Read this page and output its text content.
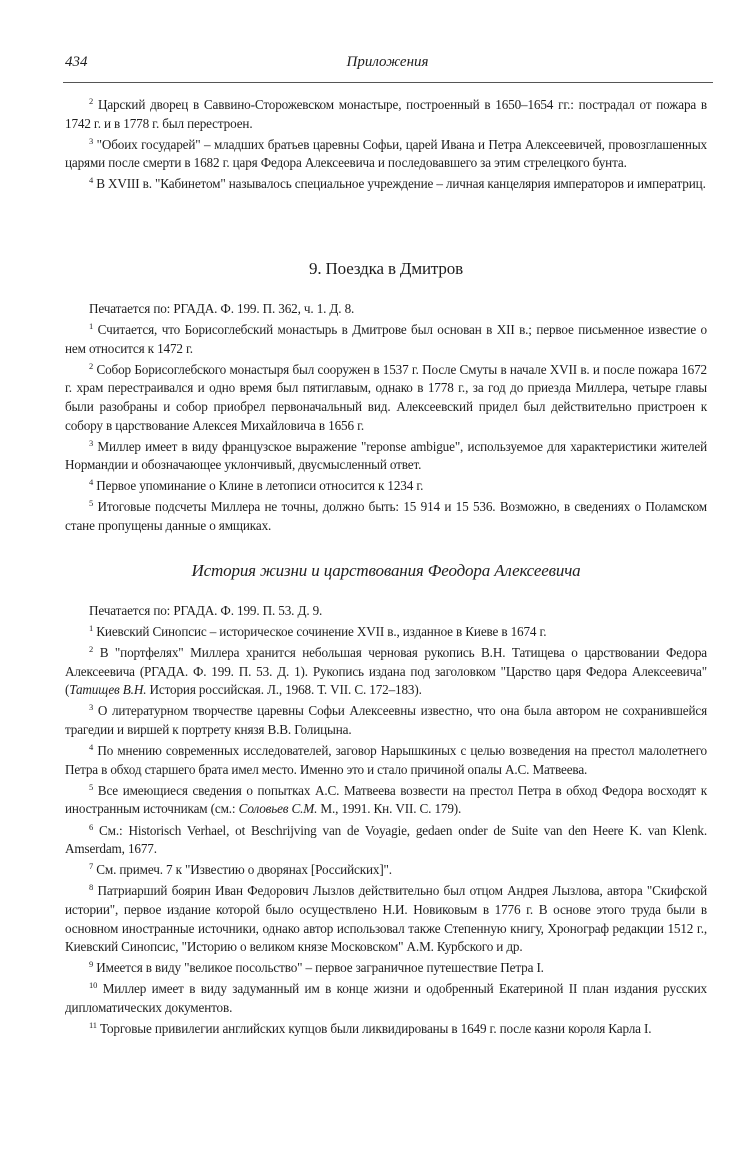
434	Приложения

$^2$ Царский дворец в Саввино-Сторожевском монастыре, построенный в 1650–1654 гг.: пострадал от пожара в 1742 г. и в 1778 г. был перестроен.

$^3$ "Обоих государей" – младших братьев царевны Софьи, царей Ивана и Петра Алексеевичей, провозглашенных царями после смерти в 1682 г. царя Федора Алексеевича и последовавшего за этим стрелецкого бунта.

$^4$ В XVIII в. "Кабинетом" называлось специальное учреждение – личная канцелярия императоров и императриц.

9. Поездка в Дмитров

Печатается по: РГАДА. Ф. 199. П. 362, ч. 1. Д. 8.

$^1$ Считается, что Борисоглебский монастырь в Дмитрове был основан в XII в.; первое письменное известие о нем относится к 1472 г.

$^2$ Собор Борисоглебского монастыря был сооружен в 1537 г. После Смуты в начале XVII в. и после пожара 1672 г. храм перестраивался и одно время был пятиглавым, однако в 1778 г., за год до приезда Миллера, четыре главы были разобраны и собор приобрел первоначальный вид. Алексеевский придел был действительно пристроен к собору в царствование Алексея Михайловича в 1656 г.

$^3$ Миллер имеет в виду французское выражение "reponse ambigue", используемое для характеристики жителей Нормандии и обозначающее уклончивый, двусмысленный ответ.

$^4$ Первое упоминание о Клине в летописи относится к 1234 г.

$^5$ Итоговые подсчеты Миллера не точны, должно быть: 15 914 и 15 536. Возможно, в сведениях о Поламском стане пропущены данные о ямщиках.

История жизни и царствования Феодора Алексеевича

Печатается по: РГАДА. Ф. 199. П. 53. Д. 9.

$^1$ Киевский Синопсис – историческое сочинение XVII в., изданное в Киеве в 1674 г.

$^2$ В "портфелях" Миллера хранится небольшая черновая рукопись В.Н. Татищева о царствовании Федора Алексеевича (РГАДА. Ф. 199. П. 53. Д. 1). Рукопись издана под заголовком "Царство царя Федора Алексеевича" (Татищев В.Н. История российская. Л., 1968. Т. VII. С. 172–183).

$^3$ О литературном творчестве царевны Софьи Алексеевны известно, что она была автором не сохранившейся трагедии и виршей к портрету князя В.В. Голицына.

$^4$ По мнению современных исследователей, заговор Нарышкиных с целью возведения на престол малолетнего Петра в обход старшего брата имел место. Именно это и стало причиной опалы А.С. Матвеева.

$^5$ Все имеющиеся сведения о попытках А.С. Матвеева возвести на престол Петра в обход Федора восходят к иностранным источникам (см.: Соловьев С.М. М., 1991. Кн. VII. С. 179).

$^6$ См.: Historisch Verhael, ot Beschrijving van de Voyagie, gedaen onder de Suite van den Heere K. van Klenk. Amserdam, 1677.

$^7$ См. примеч. 7 к "Известию о дворянах [Российских]".

$^8$ Патриарший боярин Иван Федорович Лызлов действительно был отцом Андрея Лызлова, автора "Скифской истории", первое издание которой было осуществлено Н.И. Новиковым в 1776 г. В основе этого труда были в основном иностранные источники, однако автор использовал также Степенную книгу, Хронограф редакции 1512 г., Киевский Синопсис, "Историю о великом князе Московском" А.М. Курбского и др.

$^9$ Имеется в виду "великое посольство" – первое заграничное путешествие Петра I.

$^{10}$ Миллер имеет в виду задуманный им в конце жизни и одобренный Екатериной II план издания русских дипломатических документов.

$^{11}$ Торговые привилегии английских купцов были ликвидированы в 1649 г. после казни короля Карла I.
